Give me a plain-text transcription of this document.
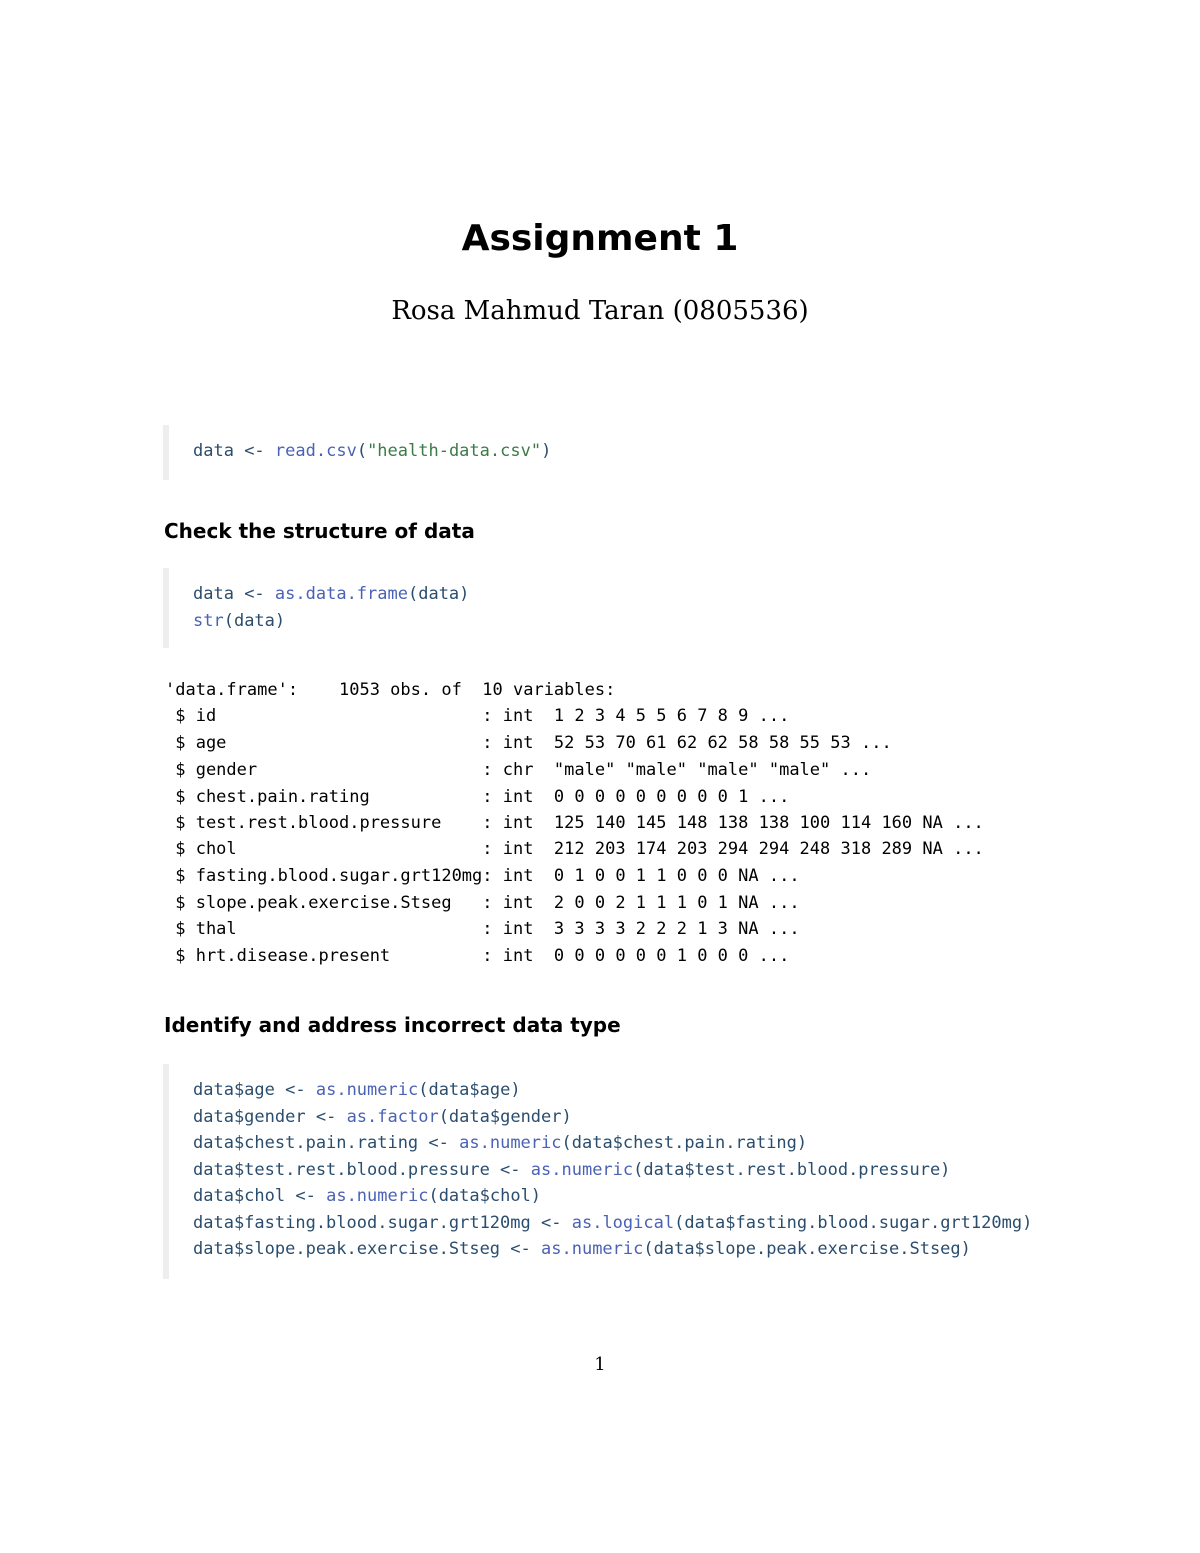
Assignment 1
Rosa Mahmud Taran (0805536)
data <- read.csv("health-data.csv")
Check the structure of data
data <- as.data.frame(data)
str(data)
'data.frame':    1053 obs. of  10 variables:
$ id                          : int  1 2 3 4 5 5 6 7 8 9 ...
$ age                         : int  52 53 70 61 62 62 58 58 55 53 ...
$ gender                      : chr  "male" "male" "male" "male" ...
$ chest.pain.rating           : int  0 0 0 0 0 0 0 0 0 1 ...
$ test.rest.blood.pressure    : int  125 140 145 148 138 138 100 114 160 NA ...
$ chol                        : int  212 203 174 203 294 294 248 318 289 NA ...
$ fasting.blood.sugar.grt120mg: int  0 1 0 0 1 1 0 0 0 NA ...
$ slope.peak.exercise.Stseg   : int  2 0 0 2 1 1 1 0 1 NA ...
$ thal                        : int  3 3 3 3 2 2 2 1 3 NA ...
$ hrt.disease.present         : int  0 0 0 0 0 0 1 0 0 0 ...
Identify and address incorrect data type
data$age <- as.numeric(data$age)
data$gender <- as.factor(data$gender)
data$chest.pain.rating <- as.numeric(data$chest.pain.rating)
data$test.rest.blood.pressure <- as.numeric(data$test.rest.blood.pressure)
data$chol <- as.numeric(data$chol)
data$fasting.blood.sugar.grt120mg <- as.logical(data$fasting.blood.sugar.grt120mg)
data$slope.peak.exercise.Stseg <- as.numeric(data$slope.peak.exercise.Stseg)
1
